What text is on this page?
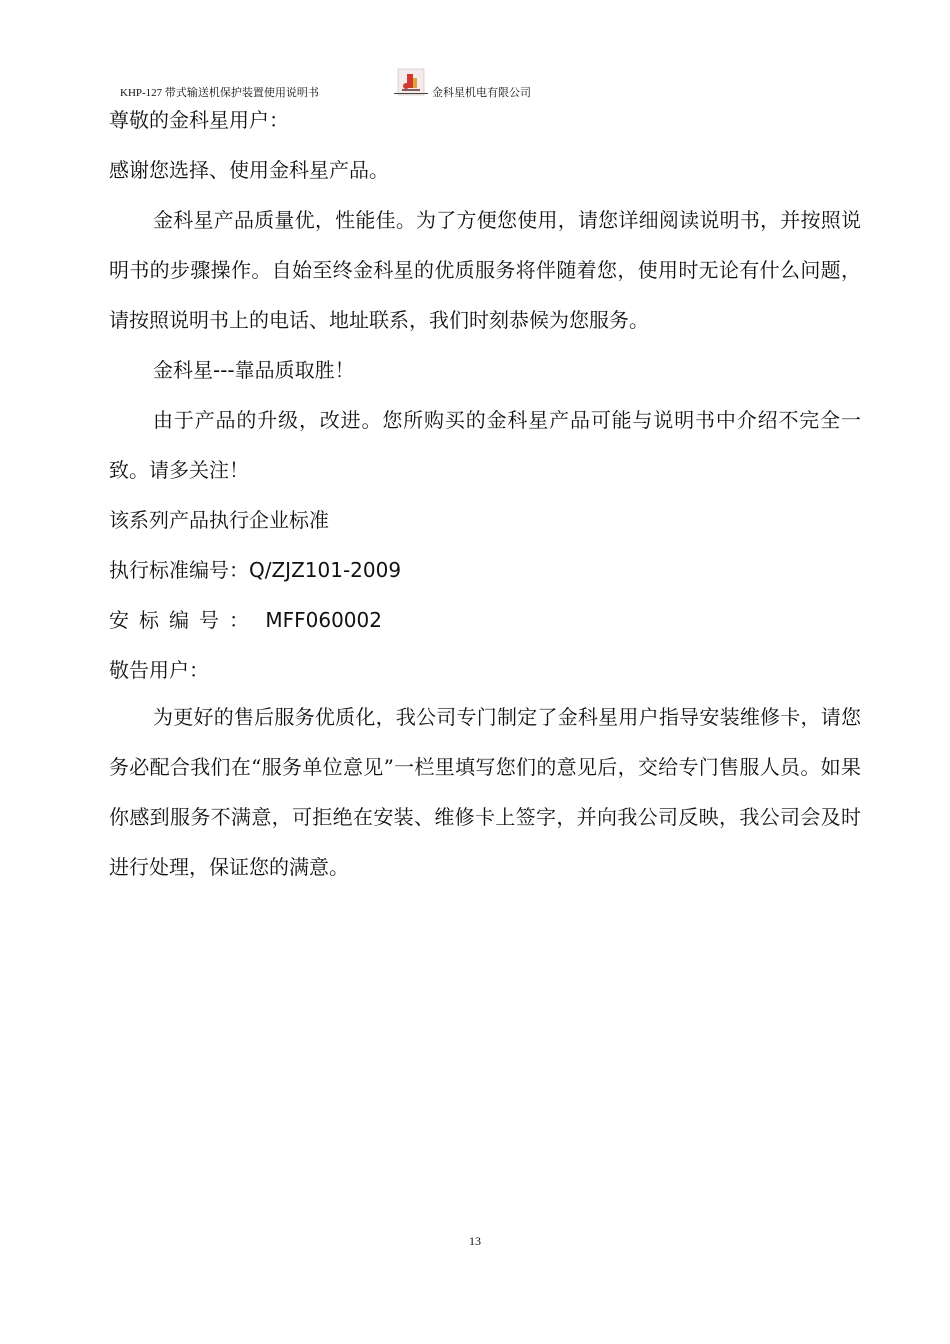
KHP-127 带式输送机保护装置使用说明书	金科星机电有限公司

尊敬的金科星用户：

感谢您选择、使用金科星产品。

金科星产品质量优，性能佳。为了方便您使用，请您详细阅读说明书，并按照说明书的步骤操作。自始至终金科星的优质服务将伴随着您，使用时无论有什么问题，请按照说明书上的电话、地址联系，我们时刻恭候为您服务。

金科星---靠品质取胜！

由于产品的升级，改进。您所购买的金科星产品可能与说明书中介绍不完全一致。请多关注！

该系列产品执行企业标准

执行标准编号：Q/ZJZ101-2009

安标编号： MFF060002

敬告用户：

为更好的售后服务优质化，我公司专门制定了金科星用户指导安装维修卡，请您务必配合我们在“服务单位意见”一栏里填写您们的意见后，交给专门售服人员。如果你感到服务不满意，可拒绝在安装、维修卡上签字，并向我公司反映，我公司会及时进行处理，保证您的满意。

13
